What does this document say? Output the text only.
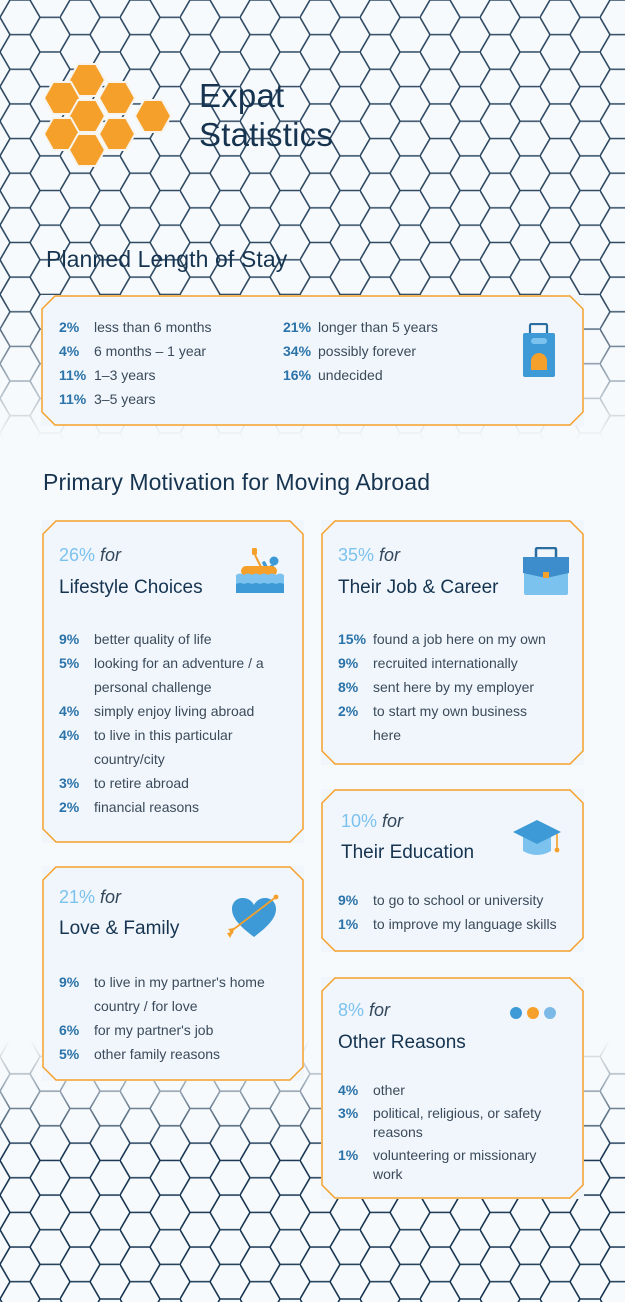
Expat
Statistics
Planned Length of Stay
2%	less than 6 months
4%	6 months – 1 year
11% 1–3 years
11% 3–5 years
21% longer than 5 years
34% possibly forever
16% undecided
Primary Motivation for Moving Abroad
26% for
Lifestyle Choices
9%	better quality of life
5%	looking for an adventure / a personal challenge
4%	simply enjoy living abroad
4%	to live in this particular country/city
3%	to retire abroad
2%	financial reasons
35% for
Their Job & Career
15% found a job here on my own
9%	recruited internationally
8%	sent here by my employer
2%	to start my own business here
10% for
Their Education
9%	to go to school or university
1%	to improve my language skills
21% for
Love & Family
9%	to live in my partner's home country / for love
6%	for my partner's job
5%	other family reasons
8% for
Other Reasons
4%	other
3%	political, religious, or safety reasons
1%	volunteering or missionary work
